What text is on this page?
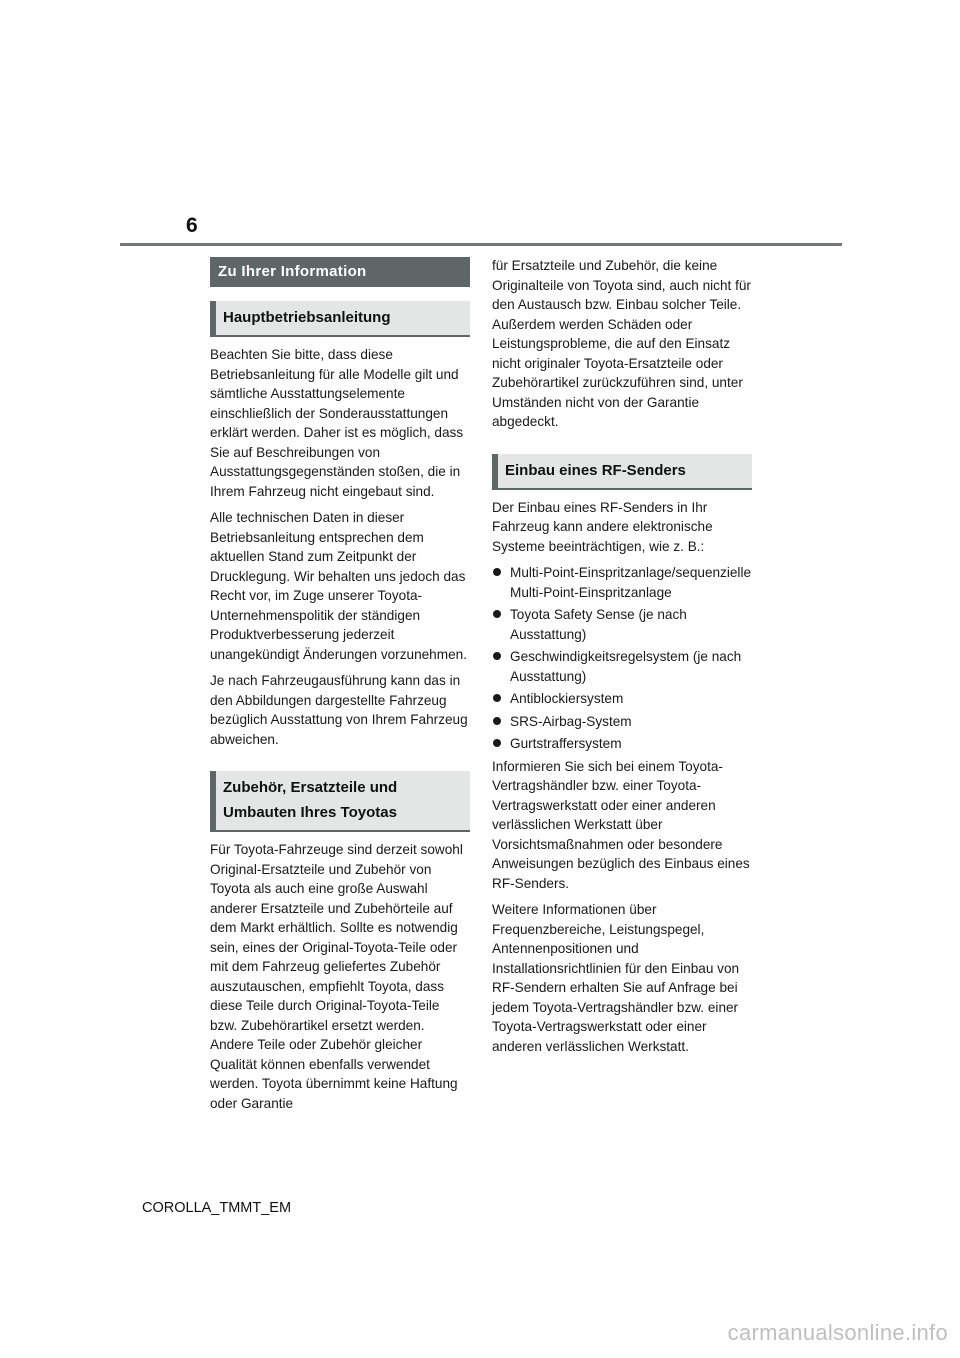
6
Zu Ihrer Information
Hauptbetriebsanleitung

Beachten Sie bitte, dass diese Betriebsanleitung für alle Modelle gilt und sämtliche Ausstattungselemente einschließlich der Sonderausstattungen erklärt werden. Daher ist es möglich, dass Sie auf Beschreibungen von Ausstattungsgegenständen stoßen, die in Ihrem Fahrzeug nicht eingebaut sind.

Alle technischen Daten in dieser Betriebsanleitung entsprechen dem aktuellen Stand zum Zeitpunkt der Drucklegung. Wir behalten uns jedoch das Recht vor, im Zuge unserer Toyota-Unternehmenspolitik der ständigen Produktverbesserung jederzeit unangekündigt Änderungen vorzunehmen.

Je nach Fahrzeugausführung kann das in den Abbildungen dargestellte Fahrzeug bezüglich Ausstattung von Ihrem Fahrzeug abweichen.

Zubehör, Ersatzteile und Umbauten Ihres Toyotas

Für Toyota-Fahrzeuge sind derzeit sowohl Original-Ersatzteile und Zubehör von Toyota als auch eine große Auswahl anderer Ersatzteile und Zubehörteile auf dem Markt erhältlich. Sollte es notwendig sein, eines der Original-Toyota-Teile oder mit dem Fahrzeug geliefertes Zubehör auszutauschen, empfiehlt Toyota, dass diese Teile durch Original-Toyota-Teile bzw. Zubehörartikel ersetzt werden. Andere Teile oder Zubehör gleicher Qualität können ebenfalls verwendet werden. Toyota übernimmt keine Haftung oder Garantie

für Ersatzteile und Zubehör, die keine Originalteile von Toyota sind, auch nicht für den Austausch bzw. Einbau solcher Teile. Außerdem werden Schäden oder Leistungsprobleme, die auf den Einsatz nicht originaler Toyota-Ersatzteile oder Zubehörartikel zurückzuführen sind, unter Umständen nicht von der Garantie abgedeckt.

Einbau eines RF-Senders

Der Einbau eines RF-Senders in Ihr Fahrzeug kann andere elektronische Systeme beeinträchtigen, wie z. B.:

Multi-Point-Einspritzanlage/sequenzielle Multi-Point-Einspritzanlage
Toyota Safety Sense (je nach Ausstattung)
Geschwindigkeitsregelsystem (je nach Ausstattung)
Antiblockiersystem
SRS-Airbag-System
Gurtstraffersystem

Informieren Sie sich bei einem Toyota-Vertragshändler bzw. einer Toyota-Vertragswerkstatt oder einer anderen verlässlichen Werkstatt über Vorsichtsmaßnahmen oder besondere Anweisungen bezüglich des Einbaus eines RF-Senders.

Weitere Informationen über Frequenzbereiche, Leistungspegel, Antennenpositionen und Installationsrichtlinien für den Einbau von RF-Sendern erhalten Sie auf Anfrage bei jedem Toyota-Vertragshändler bzw. einer Toyota-Vertragswerkstatt oder einer anderen verlässlichen Werkstatt.

COROLLA_TMMT_EM
carmanualsonline.info
